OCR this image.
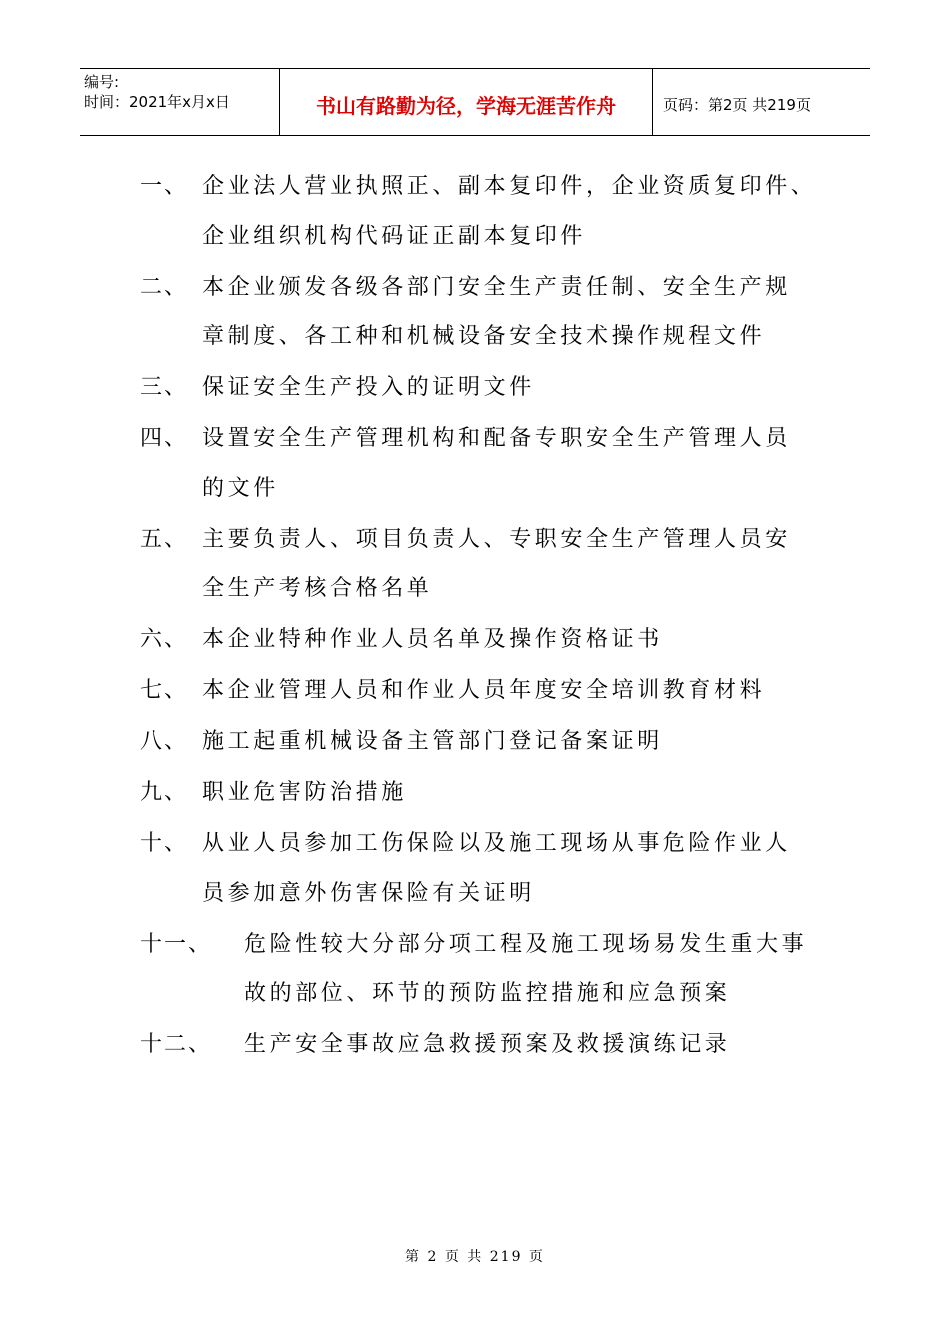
编号:
时间：2021年x月x日	书山有路勤为径，学海无涯苦作舟	页码：第2页 共219页
一、 企业法人营业执照正、副本复印件，企业资质复印件、
企业组织机构代码证正副本复印件
二、 本企业颁发各级各部门安全生产责任制、安全生产规
章制度、各工种和机械设备安全技术操作规程文件
三、 保证安全生产投入的证明文件
四、 设置安全生产管理机构和配备专职安全生产管理人员
的文件
五、 主要负责人、项目负责人、专职安全生产管理人员安
全生产考核合格名单
六、 本企业特种作业人员名单及操作资格证书
七、 本企业管理人员和作业人员年度安全培训教育材料
八、 施工起重机械设备主管部门登记备案证明
九、 职业危害防治措施
十、 从业人员参加工伤保险以及施工现场从事危险作业人
员参加意外伤害保险有关证明
十一、	危险性较大分部分项工程及施工现场易发生重大事
故的部位、环节的预防监控措施和应急预案
十二、	生产安全事故应急救援预案及救援演练记录
第 2 页 共 219 页
